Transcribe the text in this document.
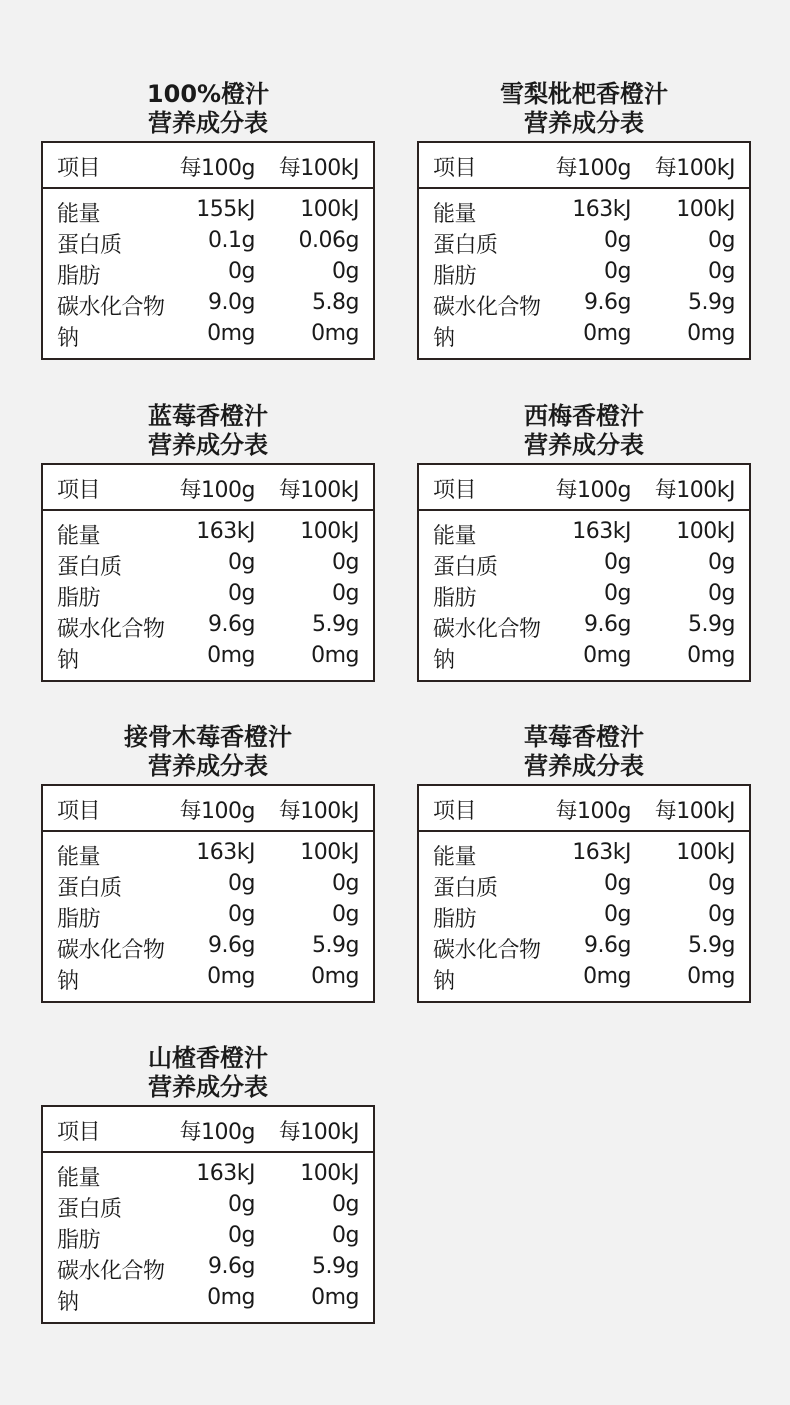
100%橙汁
营养成分表
项目	每100g 每100kJ
能量	155kJ 100kJ
蛋白质	0.1g 0.06g
脂肪	0g	0g
碳水化合物 9.0g	5.8g
钠	0mg	0mg
雪梨枇杷香橙汁
营养成分表
项目	每100g 每100kJ
能量	163kJ 100kJ
蛋白质	0g	0g
脂肪	0g	0g
碳水化合物 9.6g	5.9g
钠	0mg	0mg
蓝莓香橙汁
营养成分表
项目	每100g 每100kJ
能量	163kJ 100kJ
蛋白质	0g	0g
脂肪	0g	0g
碳水化合物 9.6g	5.9g
钠	0mg	0mg
西梅香橙汁
营养成分表
项目	每100g 每100kJ
能量	163kJ 100kJ
蛋白质	0g	0g
脂肪	0g	0g
碳水化合物 9.6g	5.9g
钠	0mg	0mg
接骨木莓香橙汁
营养成分表
项目	每100g 每100kJ
能量	163kJ 100kJ
蛋白质	0g	0g
脂肪	0g	0g
碳水化合物 9.6g	5.9g
钠	0mg	0mg
草莓香橙汁
营养成分表
项目	每100g 每100kJ
能量	163kJ 100kJ
蛋白质	0g	0g
脂肪	0g	0g
碳水化合物 9.6g	5.9g
钠	0mg	0mg
山楂香橙汁
营养成分表
项目	每100g 每100kJ
能量	163kJ 100kJ
蛋白质	0g	0g
脂肪	0g	0g
碳水化合物 9.6g	5.9g
钠	0mg	0mg
